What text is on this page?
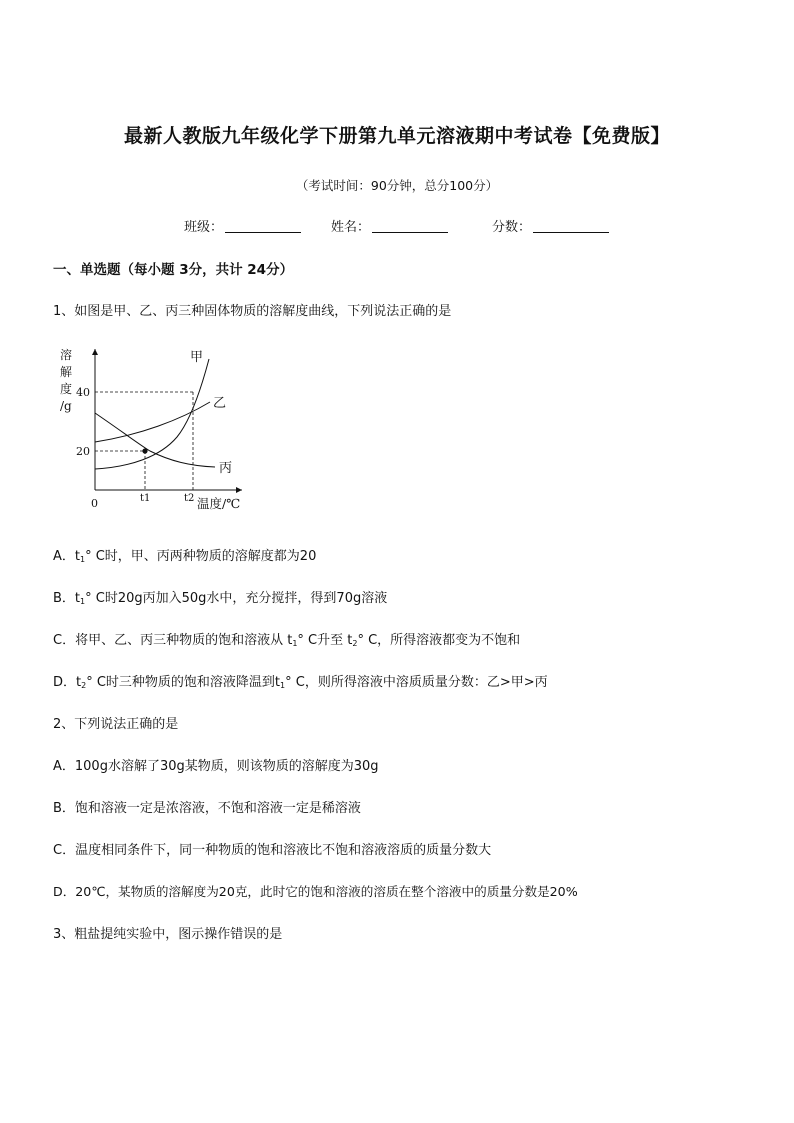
最新人教版九年级化学下册第九单元溶液期中考试卷【免费版】
（考试时间：90分钟，总分100分）
班级：	姓名：	分数：
一、单选题（每小题 3分，共计 24分）
1、如图是甲、乙、丙三种固体物质的溶解度曲线，下列说法正确的是
溶
解
度
/g
甲
乙
丙
40
20
0	t1	t2 温度/℃
A．$t_1^\circ$ C时，甲、丙两种物质的溶解度都为20
B．$t_1^\circ$ C时20g丙加入50g水中，充分搅拌，得到70g溶液
C．将甲、乙、丙三种物质的饱和溶液从 $t_1^\circ$ C升至 $t_2^\circ$ C，所得溶液都变为不饱和
D．$t_2^\circ$ C时三种物质的饱和溶液降温到$t_1^\circ$ C，则所得溶液中溶质质量分数：乙>甲>丙
2、下列说法正确的是
A．100g水溶解了30g某物质，则该物质的溶解度为30g
B．饱和溶液一定是浓溶液，不饱和溶液一定是稀溶液
C．温度相同条件下，同一种物质的饱和溶液比不饱和溶液溶质的质量分数大
D．20℃，某物质的溶解度为20克，此时它的饱和溶液的溶质在整个溶液中的质量分数是20%
3、粗盐提纯实验中，图示操作错误的是
